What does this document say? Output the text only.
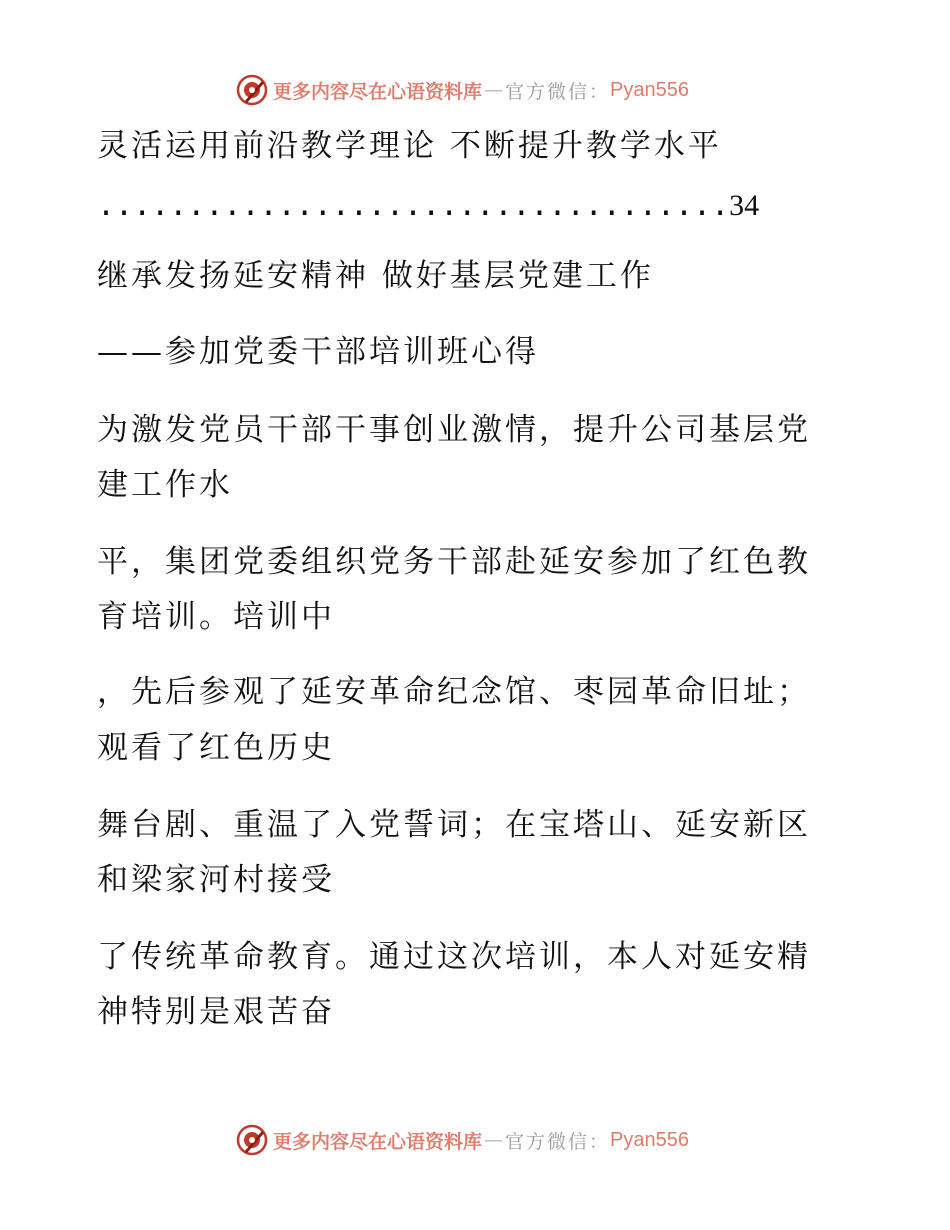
更多内容尽在心语资料库 — 官方微信： Pyan556
灵活运用前沿教学理论 不断提升教学水平
...................................34
继承发扬延安精神 做好基层党建工作
——参加党委干部培训班心得
为激发党员干部干事创业激情，提升公司基层党
建工作水
平，集团党委组织党务干部赴延安参加了红色教
育培训。培训中
，先后参观了延安革命纪念馆、枣园革命旧址；
观看了红色历史
舞台剧、重温了入党誓词；在宝塔山、延安新区
和梁家河村接受
了传统革命教育。通过这次培训，本人对延安精
神特别是艰苦奋
更多内容尽在心语资料库 — 官方微信： Pyan556
